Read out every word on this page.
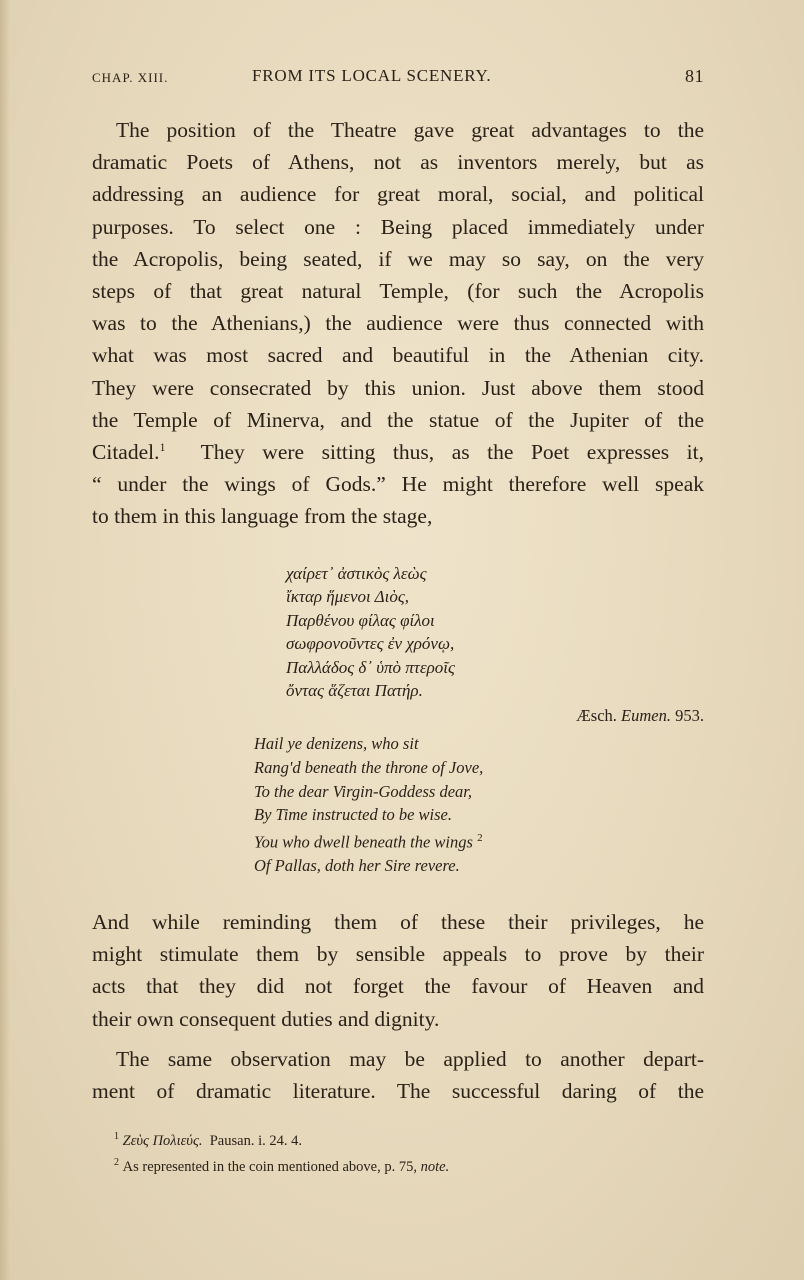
CHAP. XIII.	FROM ITS LOCAL SCENERY.	81
The position of the Theatre gave great advantages to the
dramatic Poets of Athens, not as inventors merely, but as
addressing an audience for great moral, social, and political
purposes. To select one : Being placed immediately under
the Acropolis, being seated, if we may so say, on the very
steps of that great natural Temple, (for such the Acropolis
was to the Athenians,) the audience were thus connected with
what was most sacred and beautiful in the Athenian city.
They were consecrated by this union. Just above them stood
the Temple of Minerva, and the statue of the Jupiter of the
Citadel.$^1$ They were sitting thus, as the Poet expresses it,
“ under the wings of Gods.” He might therefore well speak
to them in this language from the stage,
χαίρετ᾽ ἀστικὸς λεὼς
ἴκταρ ἥμενοι Διὸς,
Παρθένου φίλας φίλοι
σωφρονοῦντες ἐν χρόνῳ,
Παλλάδος δ᾽ ὑπὸ πτεροῖς
ὄντας ἅζεται Πατήρ.
Æsch. Eumen. 953.
Hail ye denizens, who sit
Rang'd beneath the throne of Jove,
To the dear Virgin-Goddess dear,
By Time instructed to be wise.
You who dwell beneath the wings $^2$
Of Pallas, doth her Sire revere.
And while reminding them of these their privileges, he
might stimulate them by sensible appeals to prove by their
acts that they did not forget the favour of Heaven and
their own consequent duties and dignity.
The same observation may be applied to another depart-
ment of dramatic literature. The successful daring of the
$^1$ Ζεὺς Πολιεύς. Pausan. i. 24. 4.
$^2$ As represented in the coin mentioned above, p. 75, note.
